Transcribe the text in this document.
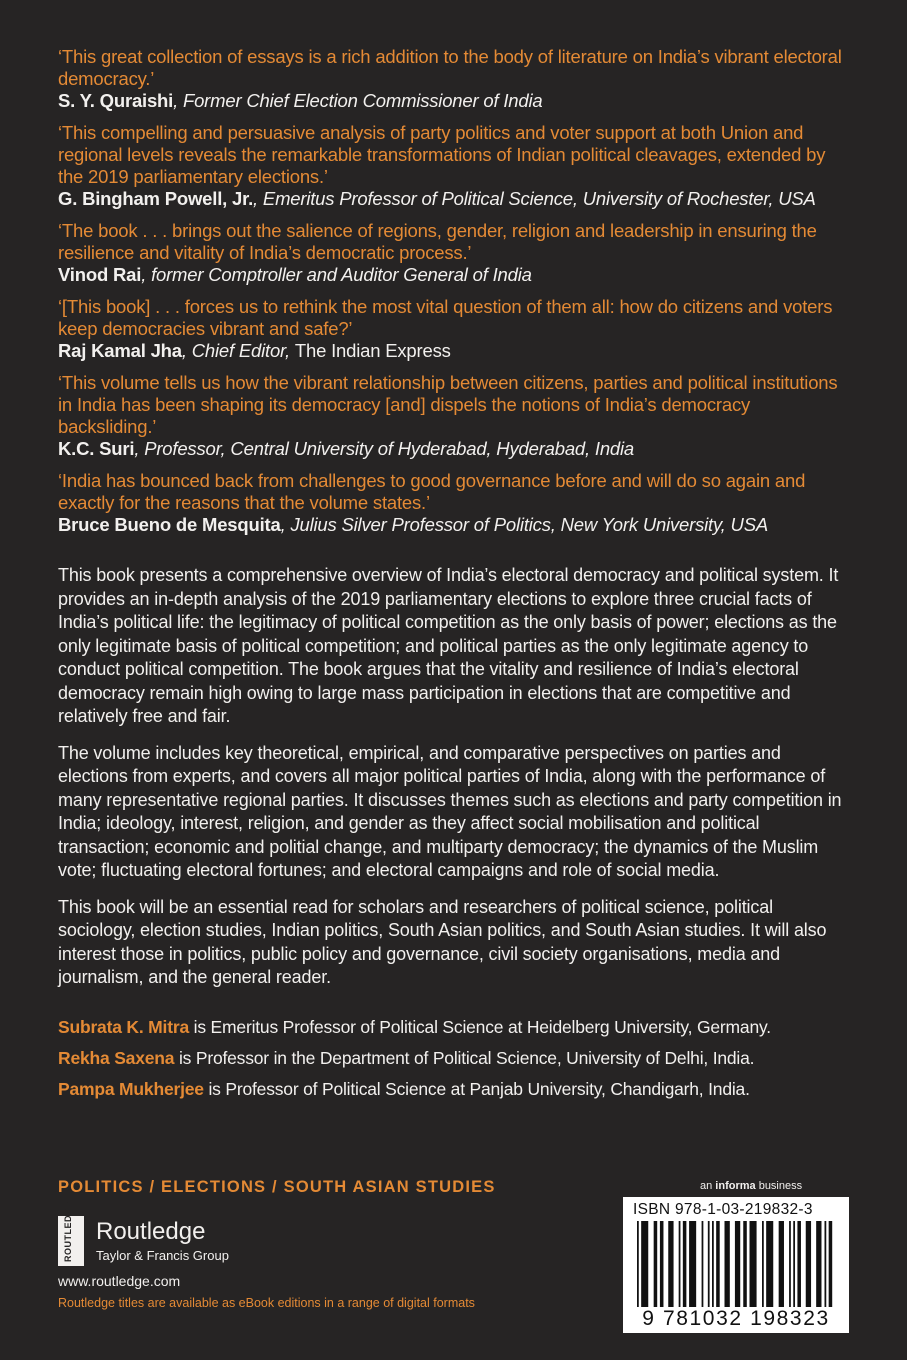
‘This great collection of essays is a rich addition to the body of literature on India’s vibrant electoral democracy.’

S. Y. Quraishi, Former Chief Election Commissioner of India

‘This compelling and persuasive analysis of party politics and voter support at both Union and regional levels reveals the remarkable transformations of Indian political cleavages, extended by the 2019 parliamentary elections.’

G. Bingham Powell, Jr., Emeritus Professor of Political Science, University of Rochester, USA

‘The book . . . brings out the salience of regions, gender, religion and leadership in ensuring the resilience and vitality of India’s democratic process.’

Vinod Rai, former Comptroller and Auditor General of India

‘[This book] . . . forces us to rethink the most vital question of them all: how do citizens and voters keep democracies vibrant and safe?’

Raj Kamal Jha, Chief Editor, The Indian Express

‘This volume tells us how the vibrant relationship between citizens, parties and political institutions in India has been shaping its democracy [and] dispels the notions of India’s democracy backsliding.’

K.C. Suri, Professor, Central University of Hyderabad, Hyderabad, India

‘India has bounced back from challenges to good governance before and will do so again and exactly for the reasons that the volume states.’

Bruce Bueno de Mesquita, Julius Silver Professor of Politics, New York University, USA

This book presents a comprehensive overview of India’s electoral democracy and political system. It provides an in-depth analysis of the 2019 parliamentary elections to explore three crucial facts of India’s political life: the legitimacy of political competition as the only basis of power; elections as the only legitimate basis of political competition; and political parties as the only legitimate agency to conduct political competition. The book argues that the vitality and resilience of India’s electoral democracy remain high owing to large mass participation in elections that are competitive and relatively free and fair.

The volume includes key theoretical, empirical, and comparative perspectives on parties and elections from experts, and covers all major political parties of India, along with the performance of many representative regional parties. It discusses themes such as elections and party competition in India; ideology, interest, religion, and gender as they affect social mobilisation and political transaction; economic and politial change, and multiparty democracy; the dynamics of the Muslim vote; fluctuating electoral fortunes; and electoral campaigns and role of social media.

This book will be an essential read for scholars and researchers of political science, political sociology, election studies, Indian politics, South Asian politics, and South Asian studies. It will also interest those in politics, public policy and governance, civil society organisations, media and journalism, and the general reader.

Subrata K. Mitra is Emeritus Professor of Political Science at Heidelberg University, Germany.

Rekha Saxena is Professor in the Department of Political Science, University of Delhi, India.

Pampa Mukherjee is Professor of Political Science at Panjab University, Chandigarh, India.

POLITICS / ELECTIONS / SOUTH ASIAN STUDIES
ROUTLEDGE Routledge
Taylor & Francis Group
www.routledge.com
Routledge titles are available as eBook editions in a range of digital formats
an informa business
ISBN 978-1-03-219832-3
9 781032 198323
